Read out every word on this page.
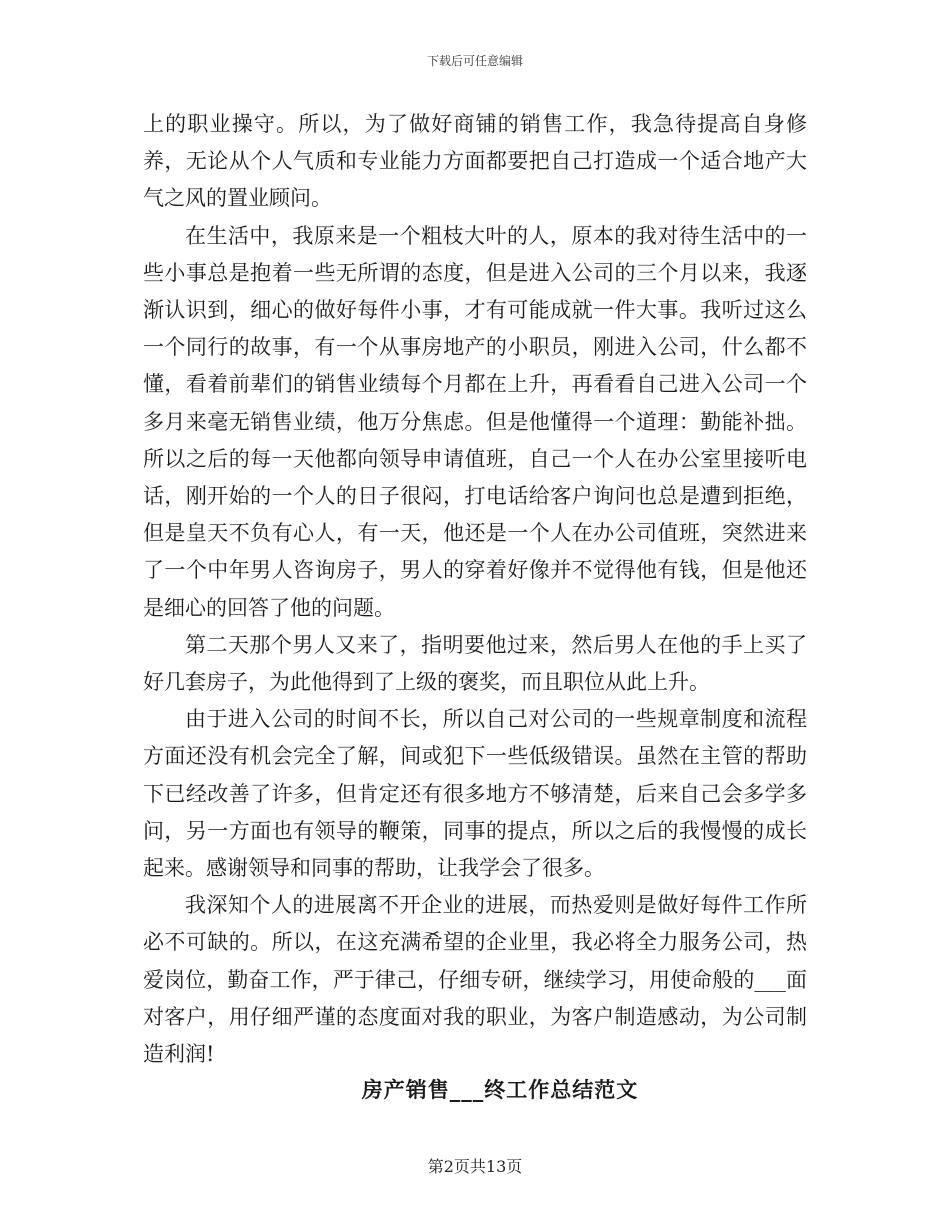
下载后可任意编辑

上的职业操守。所以，为了做好商铺的销售工作，我急待提高自身修养，无论从个人气质和专业能力方面都要把自己打造成一个适合地产大气之风的置业顾问。

在生活中，我原来是一个粗枝大叶的人，原本的我对待生活中的一些小事总是抱着一些无所谓的态度，但是进入公司的三个月以来，我逐渐认识到，细心的做好每件小事，才有可能成就一件大事。我听过这么一个同行的故事，有一个从事房地产的小职员，刚进入公司，什么都不懂，看着前辈们的销售业绩每个月都在上升，再看看自己进入公司一个多月来毫无销售业绩，他万分焦虑。但是他懂得一个道理：勤能补拙。所以之后的每一天他都向领导申请值班，自己一个人在办公室里接听电话，刚开始的一个人的日子很闷，打电话给客户询问也总是遭到拒绝，但是皇天不负有心人，有一天，他还是一个人在办公司值班，突然进来了一个中年男人咨询房子，男人的穿着好像并不觉得他有钱，但是他还是细心的回答了他的问题。

第二天那个男人又来了，指明要他过来，然后男人在他的手上买了好几套房子，为此他得到了上级的褒奖，而且职位从此上升。

由于进入公司的时间不长，所以自己对公司的一些规章制度和流程方面还没有机会完全了解，间或犯下一些低级错误。虽然在主管的帮助下已经改善了许多，但肯定还有很多地方不够清楚，后来自己会多学多问，另一方面也有领导的鞭策，同事的提点，所以之后的我慢慢的成长起来。感谢领导和同事的帮助，让我学会了很多。

我深知个人的进展离不开企业的进展，而热爱则是做好每件工作所必不可缺的。所以，在这充满希望的企业里，我必将全力服务公司，热爱岗位，勤奋工作，严于律己，仔细专研，继续学习，用使命般的___面对客户，用仔细严谨的态度面对我的职业，为客户制造感动，为公司制造利润!

房产销售___终工作总结范文
第2页共13页
